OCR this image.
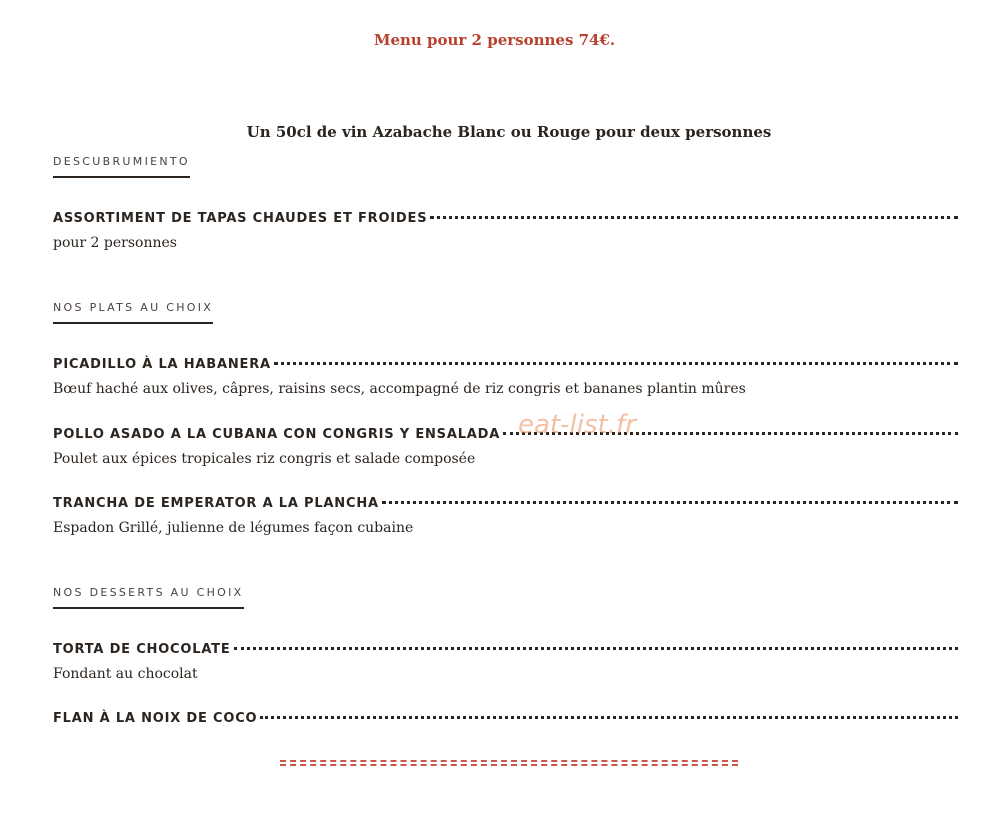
Menu pour 2 personnes 74€.
Un 50cl de vin Azabache Blanc ou Rouge pour deux personnes
DESCUBRUMIENTO
ASSORTIMENT DE TAPAS CHAUDES ET FROIDES
pour 2 personnes
NOS PLATS AU CHOIX
PICADILLO À LA HABANERA
Bœuf haché aux olives, câpres, raisins secs, accompagné de riz congris et bananes plantin mûres
POLLO ASADO A LA CUBANA CON CONGRIS Y ENSALADA
Poulet aux épices tropicales riz congris et salade composée
TRANCHA DE EMPERATOR A LA PLANCHA
Espadon Grillé, julienne de légumes façon cubaine
NOS DESSERTS AU CHOIX
TORTA DE CHOCOLATE
Fondant au chocolat
FLAN À LA NOIX DE COCO
eat-list.fr
